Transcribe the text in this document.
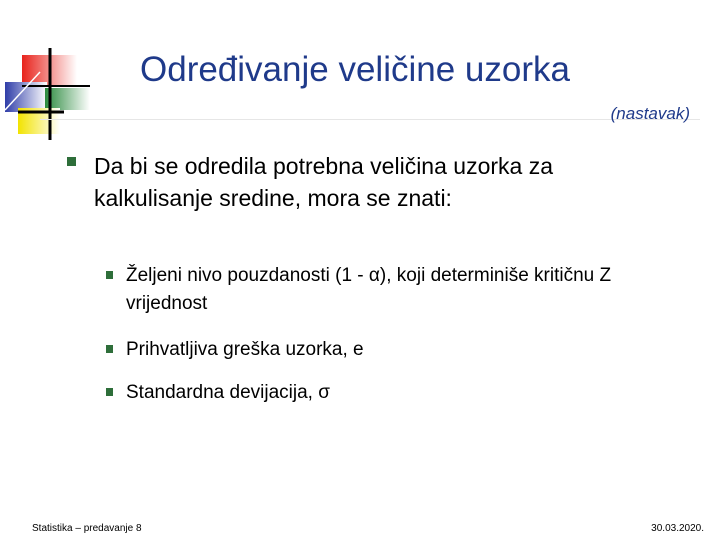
Određivanje veličine uzorka
(nastavak)
Da bi se odredila potrebna veličina uzorka za kalkulisanje sredine, mora se znati:
Željeni nivo pouzdanosti (1 - α), koji determiniše kritičnu Z vrijednost
Prihvatljiva greška uzorka, e
Standardna devijacija, σ
Statistika – predavanje 8	30.03.2020.
